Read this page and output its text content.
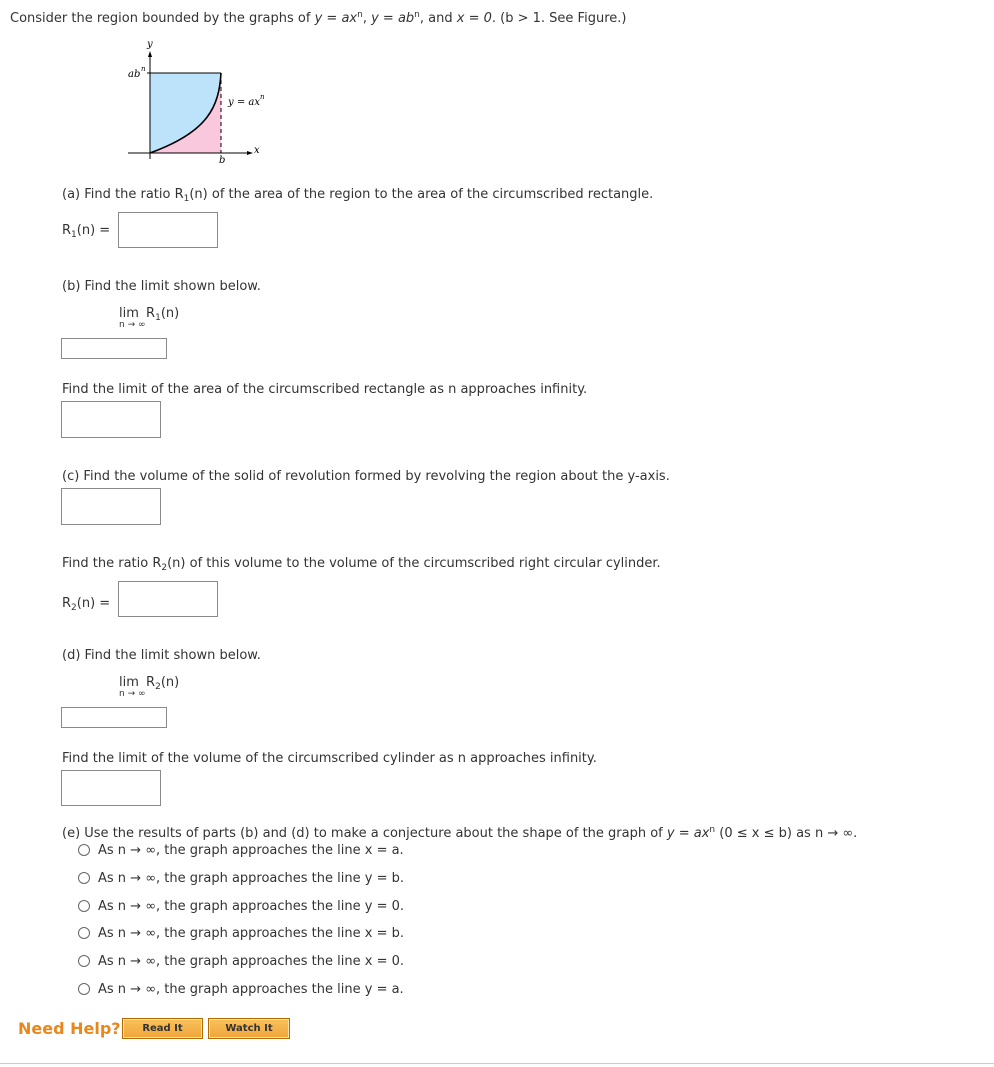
Consider the region bounded by the graphs of $y = ax^n$, $y = ab^n$, and x = 0. (b > 1. See Figure.)
y
x
ab n
b
y = ax n
(a) Find the ratio $R_1(n)$ of the area of the region to the area of the circumscribed rectangle.
$R_1(n)$ =
(b) Find the limit shown below.
$\lim R_1(n)$
n → ∞
Find the limit of the area of the circumscribed rectangle as n approaches infinity.
(c) Find the volume of the solid of revolution formed by revolving the region about the y-axis.
Find the ratio $R_2(n)$ of this volume to the volume of the circumscribed right circular cylinder.
$R_2(n)$ =
(d) Find the limit shown below.
$\lim R_2(n)$
n → ∞
Find the limit of the volume of the circumscribed cylinder as n approaches infinity.
(e) Use the results of parts (b) and (d) to make a conjecture about the shape of the graph of $y = ax^n$ (0 ≤ x ≤ b) as n → ∞.
As n → ∞, the graph approaches the line x = a.
As n → ∞, the graph approaches the line y = b.
As n → ∞, the graph approaches the line y = 0.
As n → ∞, the graph approaches the line x = b.
As n → ∞, the graph approaches the line x = 0.
As n → ∞, the graph approaches the line y = a.
Need Help?	Read It	Watch It
